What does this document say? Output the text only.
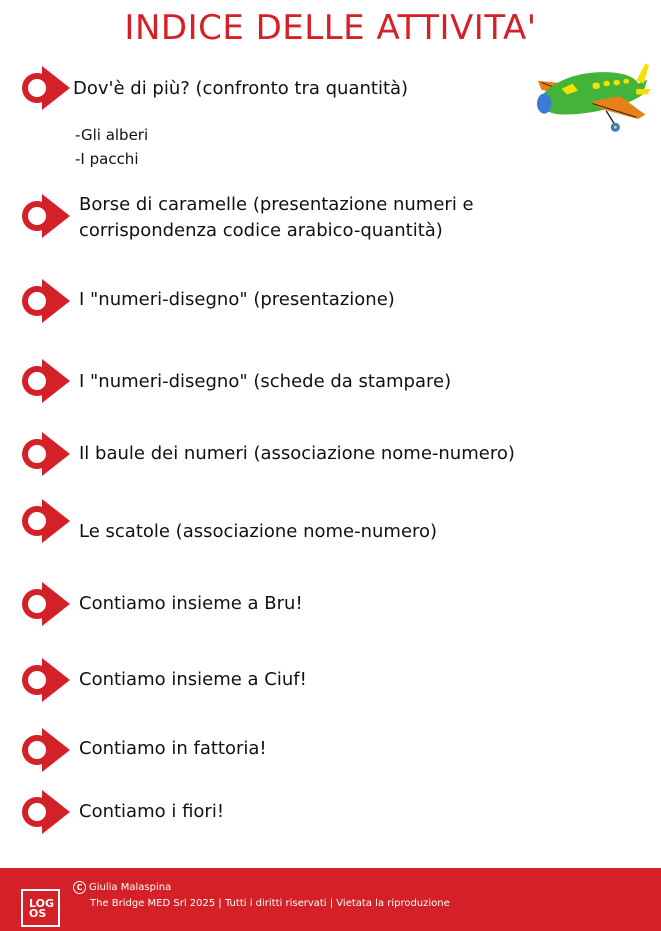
INDICE DELLE ATTIVITA'
Dov'è di più? (confronto tra quantità)
-Gli alberi
-I pacchi
Borse di caramelle (presentazione numeri e
corrispondenza codice arabico-quantità)
I "numeri-disegno" (presentazione)
I "numeri-disegno" (schede da stampare)
Il baule dei numeri (associazione nome-numero)
Le scatole (associazione nome-numero)
Contiamo insieme a Bru!
Contiamo insieme a Ciuf!
Contiamo in fattoria!
Contiamo i fiori!
LOG
OS
C Giulia Malaspina
The Bridge MED Srl 2025 | Tutti i diritti riservati | Vietata la riproduzione
